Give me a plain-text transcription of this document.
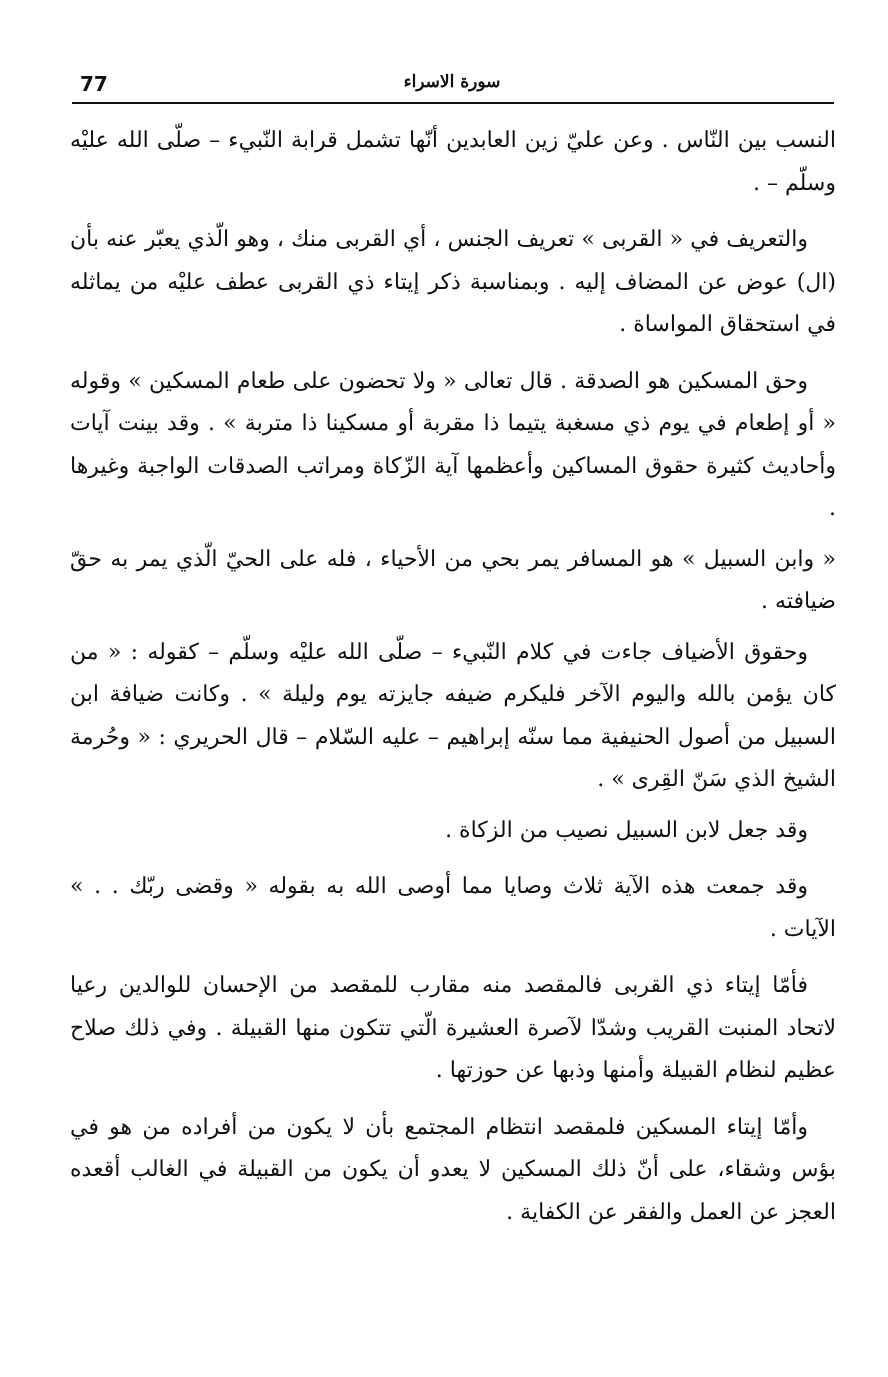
77	سورة الاسراء

النسب بين النّاس . وعن عليّ زين العابدين أنّها تشمل قرابة النّبيء – صلّى الله عليْه وسلّم – .

والتعريف في « القربى » تعريف الجنس ، أي القربى منك ، وهو الّذي يعبّر عنه بأن (ال) عوض عن المضاف إليه . وبمناسبة ذكر إيتاء ذي القربى عطف عليْه من يماثله في استحقاق المواساة .

وحق المسكين هو الصدقة . قال تعالى « ولا تحضون على طعام المسكين » وقوله « أو إطعام في يوم ذي مسغبة يتيما ذا مقربة أو مسكينا ذا متربة » . وقد بينت آيات وأحاديث كثيرة حقوق المساكين وأعظمها آية الزّكاة ومراتب الصدقات الواجبة وغيرها .

« وابن السبيل » هو المسافر يمر بحي من الأحياء ، فله على الحيّ الّذي يمر به حقّ ضيافته .

وحقوق الأضياف جاءت في كلام النّبيء – صلّى الله عليْه وسلّم – كقوله : « من كان يؤمن بالله واليوم الآخر فليكرم ضيفه جايزته يوم وليلة » . وكانت ضيافة ابن السبيل من أصول الحنيفية مما سنّه إبراهيم – عليه السّلام – قال الحريري : « وحُرمة الشيخ الذي سَنّ القِرى » .

وقد جعل لابن السبيل نصيب من الزكاة .

وقد جمعت هذه الآية ثلاث وصايا مما أوصى الله به بقوله « وقضى ربّك . . » الآيات .

فأمّا إيتاء ذي القربى فالمقصد منه مقارب للمقصد من الإحسان للوالدين رعيا لاتحاد المنبت القريب وشدّا لآصرة العشيرة الّتي تتكون منها القبيلة . وفي ذلك صلاح عظيم لنظام القبيلة وأمنها وذبها عن حوزتها .

وأمّا إيتاء المسكين فلمقصد انتظام المجتمع بأن لا يكون من أفراده من هو في بؤس وشقاء، على أنّ ذلك المسكين لا يعدو أن يكون من القبيلة في الغالب أقعده العجز عن العمل والفقر عن الكفاية .
